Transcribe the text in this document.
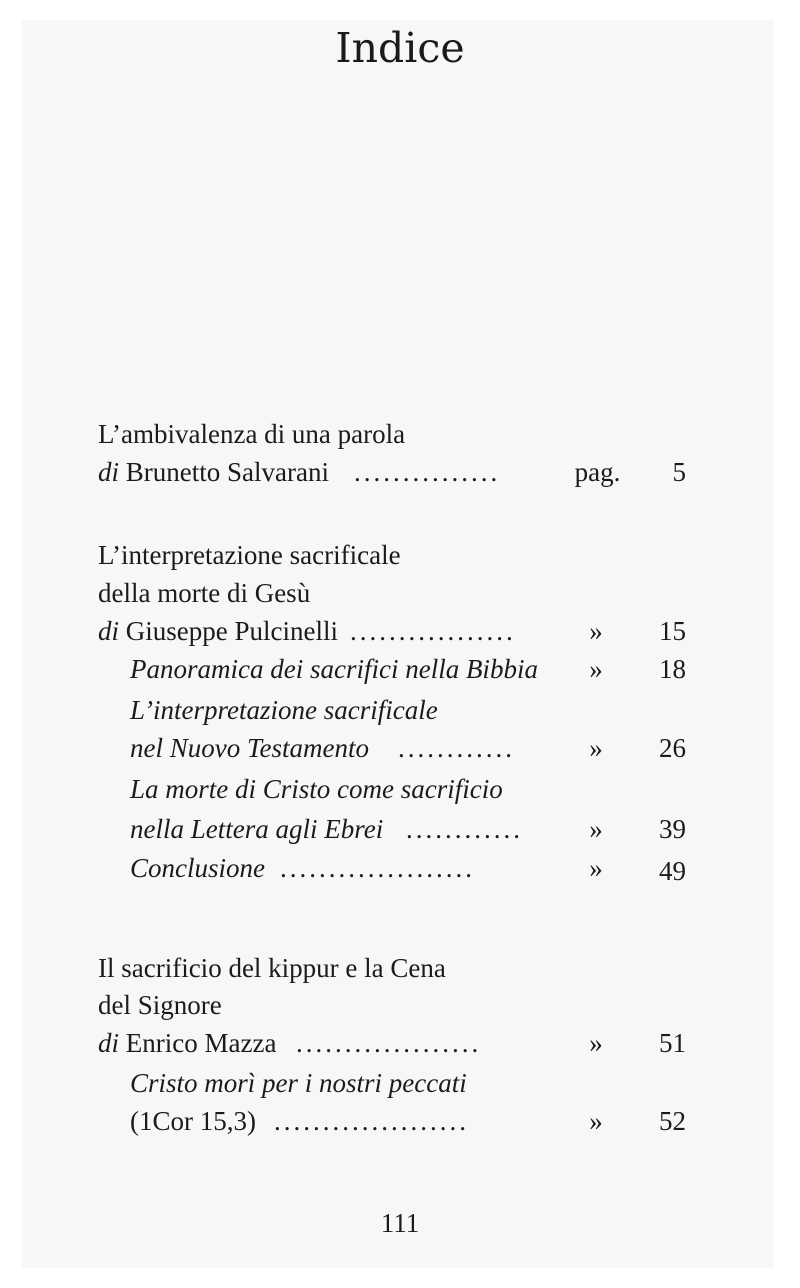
Indice
L’ambivalenza di una parola
di Brunetto Salvarani ...............	pag.	5
L’interpretazione sacrificale
della morte di Gesù
di Giuseppe Pulcinelli .................	»	15
Panoramica dei sacrifici nella Bibbia	»	18
L’interpretazione sacrificale
nel Nuovo Testamento ............	»	26
La morte di Cristo come sacrificio
nella Lettera agli Ebrei ............	»	39
Conclusione ....................	»	49
Il sacrificio del kippur e la Cena
del Signore
di Enrico Mazza ...................	»	51
Cristo morì per i nostri peccati
(1Cor 15,3) ....................	»	52
111
